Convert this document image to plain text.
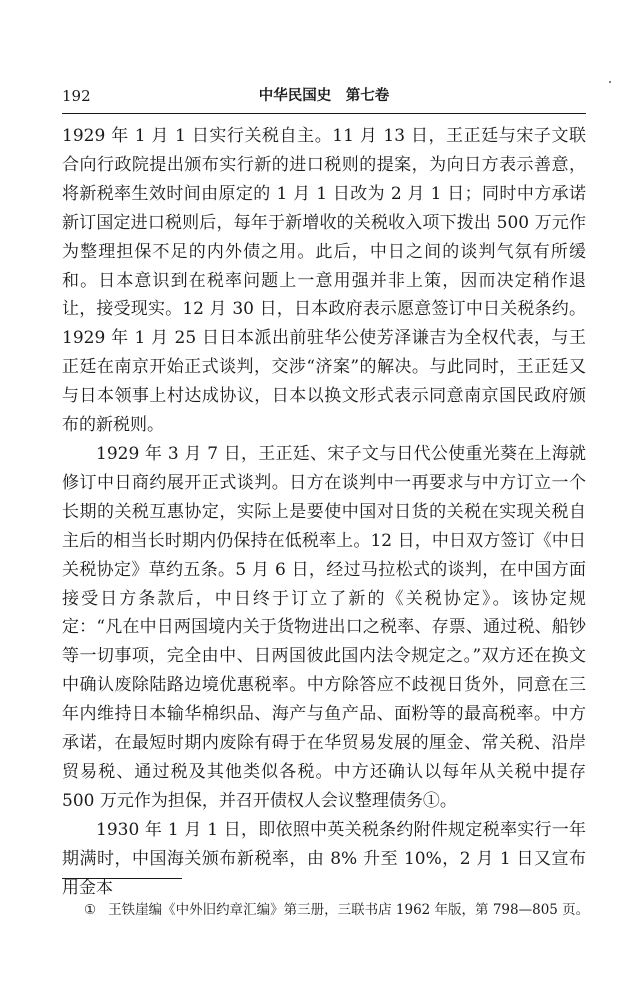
192	中华民国史　第七卷

1929 年 1 月 1 日实行关税自主。11 月 13 日，王正廷与宋子文联合向行政院提出颁布实行新的进口税则的提案，为向日方表示善意，将新税率生效时间由原定的 1 月 1 日改为 2 月 1 日；同时中方承诺新订国定进口税则后，每年于新增收的关税收入项下拨出 500 万元作为整理担保不足的内外债之用。此后，中日之间的谈判气氛有所缓和。日本意识到在税率问题上一意用强并非上策，因而决定稍作退让，接受现实。12 月 30 日，日本政府表示愿意签订中日关税条约。1929 年 1 月 25 日日本派出前驻华公使芳泽谦吉为全权代表，与王正廷在南京开始正式谈判，交涉“济案”的解决。与此同时，王正廷又与日本领事上村达成协议，日本以换文形式表示同意南京国民政府颁布的新税则。

1929 年 3 月 7 日，王正廷、宋子文与日代公使重光葵在上海就修订中日商约展开正式谈判。日方在谈判中一再要求与中方订立一个长期的关税互惠协定，实际上是要使中国对日货的关税在实现关税自主后的相当长时期内仍保持在低税率上。12 日，中日双方签订《中日关税协定》草约五条。5 月 6 日，经过马拉松式的谈判，在中国方面接受日方条款后，中日终于订立了新的《关税协定》。该协定规定：“凡在中日两国境内关于货物进出口之税率、存票、通过税、船钞等一切事项，完全由中、日两国彼此国内法令规定之。”双方还在换文中确认废除陆路边境优惠税率。中方除答应不歧视日货外，同意在三年内维持日本输华棉织品、海产与鱼产品、面粉等的最高税率。中方承诺，在最短时期内废除有碍于在华贸易发展的厘金、常关税、沿岸贸易税、通过税及其他类似各税。中方还确认以每年从关税中提存 500 万元作为担保，并召开债权人会议整理债务①。

1930 年 1 月 1 日，即依照中英关税条约附件规定税率实行一年期满时，中国海关颁布新税率，由 8% 升至 10%，2 月 1 日又宣布用金本

① 王铁崖编《中外旧约章汇编》第三册，三联书店 1962 年版，第 798—805 页。
